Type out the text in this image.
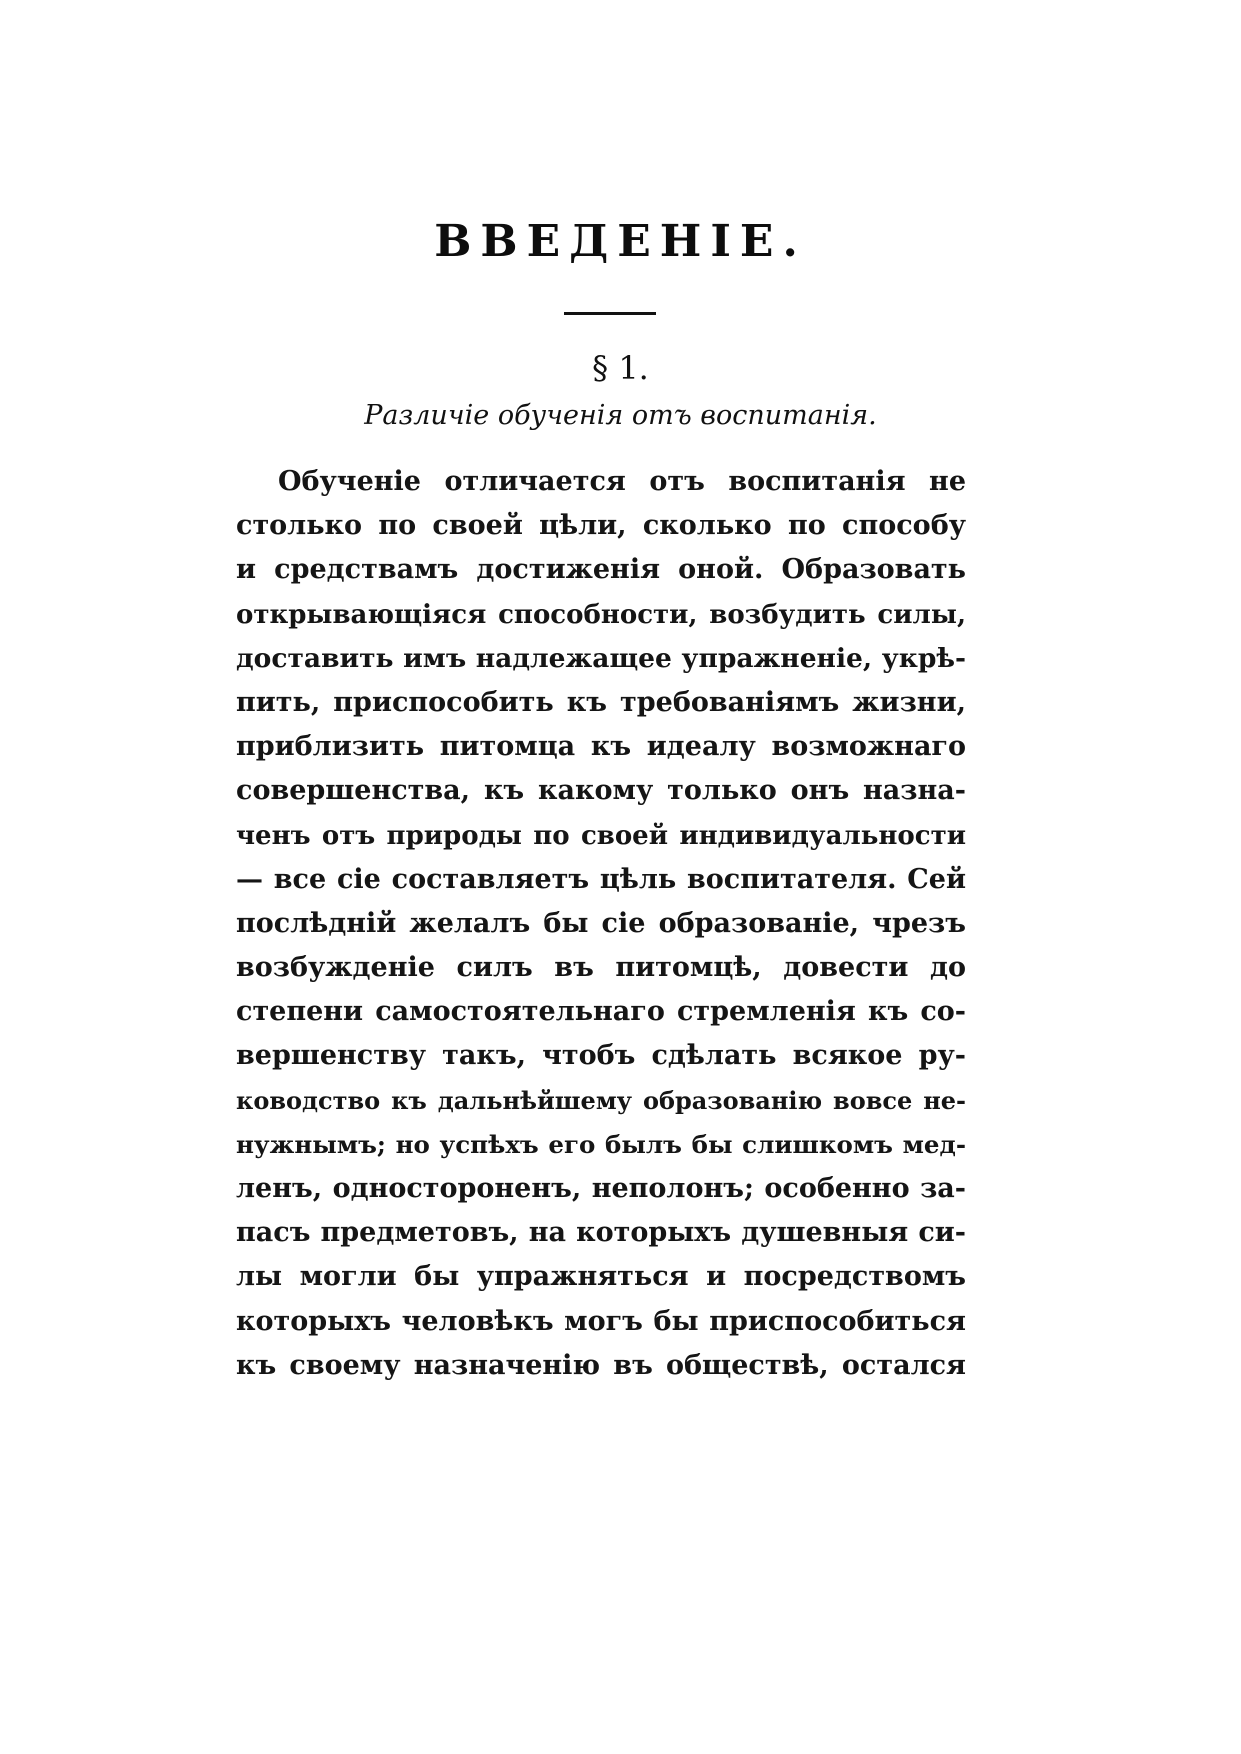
ВВЕДЕНІЕ.
§ 1.
Различіе обученія отъ воспитанія.
Обученіе отличается отъ воспитанія не
столько по своей цѣли, сколько по способу
и средствамъ достиженія оной. Образовать
открывающіяся способности, возбудить силы,
доставить имъ надлежащее упражненіе, укрѣ-
пить, приспособить къ требованіямъ жизни,
приблизить питомца къ идеалу возможнаго
совершенства, къ какому только онъ назна-
ченъ отъ природы по своей индивидуальности
— все сіе составляетъ цѣль воспитателя. Сей
послѣдній желалъ бы сіе образованіе, чрезъ
возбужденіе силъ въ питомцѣ, довести до
степени самостоятельнаго стремленія къ со-
вершенству такъ, чтобъ сдѣлать всякое ру-
ководство къ дальнѣйшему образованію вовсе не-
нужнымъ; но успѣхъ его былъ бы слишкомъ мед-
ленъ, одностороненъ, неполонъ; особенно за-
пасъ предметовъ, на которыхъ душевныя си-
лы могли бы упражняться и посредствомъ
которыхъ человѣкъ могъ бы приспособиться
къ своему назначенію въ обществѣ, остался
